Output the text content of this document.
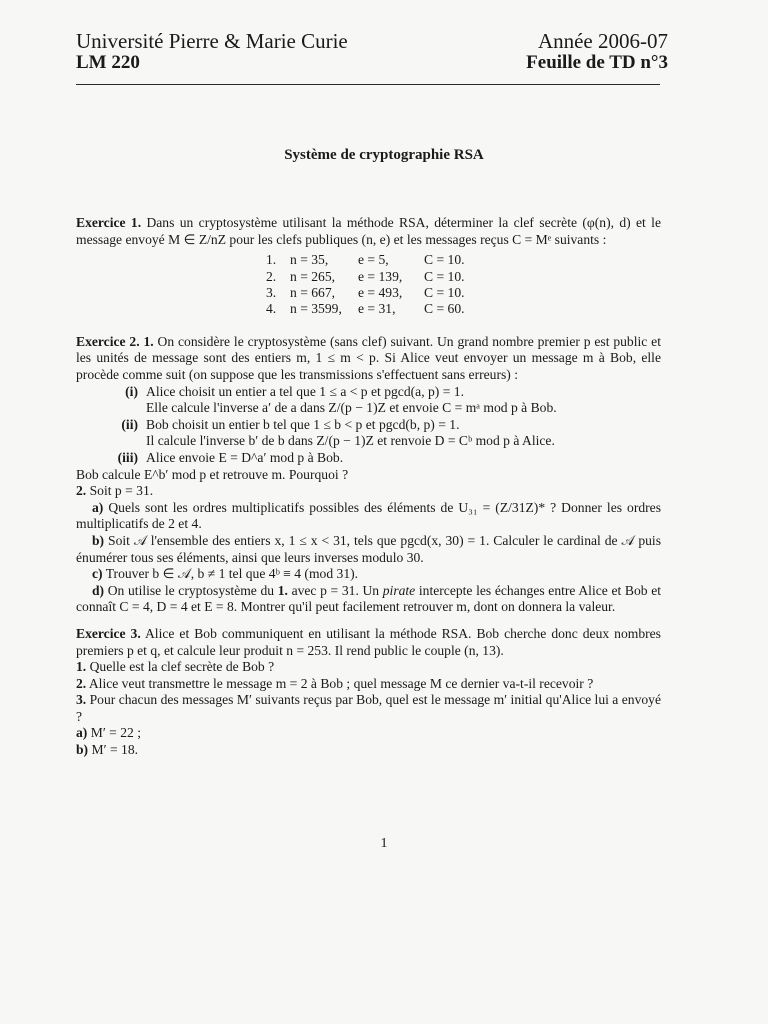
Université Pierre & Marie Curie
LM 220
Année 2006-07
Feuille de TD n°3
Système de cryptographie RSA

Exercice 1. Dans un cryptosystème utilisant la méthode RSA, déterminer la clef secrète (φ(n), d) et le message envoyé M ∈ Z/nZ pour les clefs publiques (n, e) et les messages reçus C = Mᵉ suivants :

1.	n = 35,	e = 5,	C = 10.
2.	n = 265,	e = 139,	C = 10.
3.	n = 667,	e = 493,	C = 10.
4.	n = 3599,	e = 31,	C = 60.

Exercice 2. 1. On considère le cryptosystème (sans clef) suivant. Un grand nombre premier p est public et les unités de message sont des entiers m, 1 ≤ m < p. Si Alice veut envoyer un message m à Bob, elle procède comme suit (on suppose que les transmissions s'effectuent sans erreurs) :

(i) Alice choisit un entier a tel que 1 ≤ a < p et pgcd(a, p) = 1.
Elle calcule l'inverse a′ de a dans Z/(p − 1)Z et envoie C = mᵃ mod p à Bob.
(ii) Bob choisit un entier b tel que 1 ≤ b < p et pgcd(b, p) = 1.
Il calcule l'inverse b′ de b dans Z/(p − 1)Z et renvoie D = Cᵇ mod p à Alice.
(iii) Alice envoie E = D^a′ mod p à Bob.

Bob calcule E^b′ mod p et retrouve m. Pourquoi ?

2. Soit p = 31.

a) Quels sont les ordres multiplicatifs possibles des éléments de U₃₁ = (Z/31Z)* ? Donner les ordres multiplicatifs de 2 et 4.

b) Soit 𝒜 l'ensemble des entiers x, 1 ≤ x < 31, tels que pgcd(x, 30) = 1. Calculer le cardinal de 𝒜 puis énumérer tous ses éléments, ainsi que leurs inverses modulo 30.

c) Trouver b ∈ 𝒜, b ≠ 1 tel que 4ᵇ ≡ 4 (mod 31).

d) On utilise le cryptosystème du 1. avec p = 31. Un pirate intercepte les échanges entre Alice et Bob et connaît C = 4, D = 4 et E = 8. Montrer qu'il peut facilement retrouver m, dont on donnera la valeur.

Exercice 3. Alice et Bob communiquent en utilisant la méthode RSA. Bob cherche donc deux nombres premiers p et q, et calcule leur produit n = 253. Il rend public le couple (n, 13).

1. Quelle est la clef secrète de Bob ?

2. Alice veut transmettre le message m = 2 à Bob ; quel message M ce dernier va-t-il recevoir ?

3. Pour chacun des messages M′ suivants reçus par Bob, quel est le message m′ initial qu'Alice lui a envoyé ?

a) M′ = 22 ;

b) M′ = 18.

1
